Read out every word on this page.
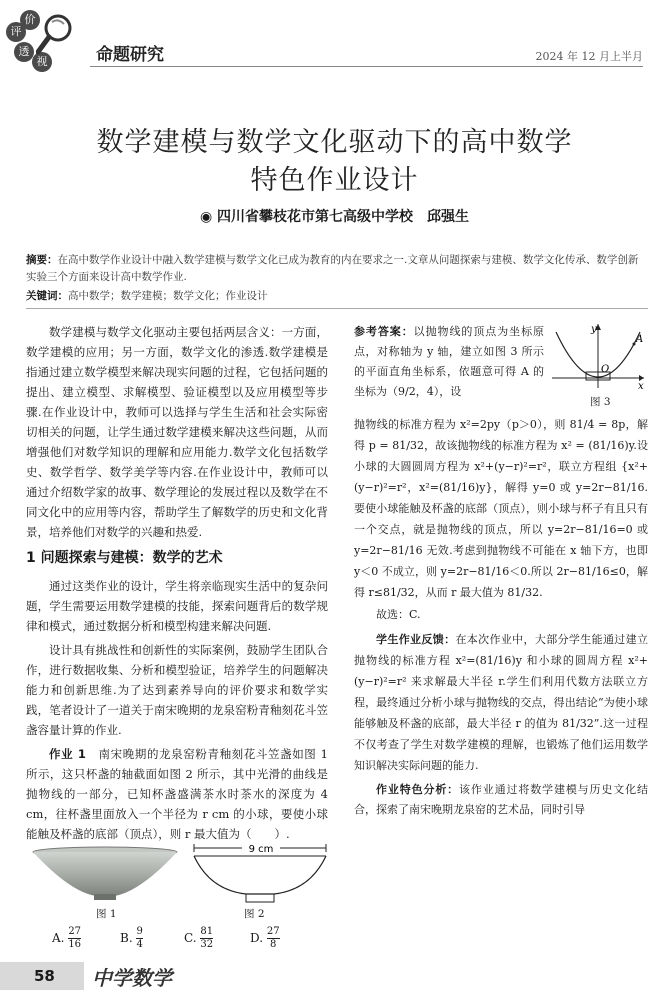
评
价
透
视	命题研究	2024 年 12 月上半月
数学建模与数学文化驱动下的高中数学
特色作业设计
◉ 四川省攀枝花市第七高级中学校　邱强生
摘要：在高中数学作业设计中融入数学建模与数学文化已成为教育的内在要求之一.文章从问题探索与建模、数学文化传承、数学创新实验三个方面来设计高中数学作业.
关键词：高中数学；数学建模；数学文化；作业设计

数学建模与数学文化驱动主要包括两层含义：一方面，数学建模的应用；另一方面，数学文化的渗透.数学建模是指通过建立数学模型来解决现实问题的过程，它包括问题的提出、建立模型、求解模型、验证模型以及应用模型等步骤.在作业设计中，教师可以选择与学生生活和社会实际密切相关的问题，让学生通过数学建模来解决这些问题，从而增强他们对数学知识的理解和应用能力.数学文化包括数学史、数学哲学、数学美学等内容.在作业设计中，教师可以通过介绍数学家的故事、数学理论的发展过程以及数学在不同文化中的应用等内容，帮助学生了解数学的历史和文化背景，培养他们对数学的兴趣和热爱.

1 问题探索与建模：数学的艺术

通过这类作业的设计，学生将亲临现实生活中的复杂问题，学生需要运用数学建模的技能，探索问题背后的数学规律和模式，通过数据分析和模型构建来解决问题.

设计具有挑战性和创新性的实际案例，鼓励学生团队合作，进行数据收集、分析和模型验证，培养学生的问题解决能力和创新思维.为了达到素养导向的评价要求和数学实践，笔者设计了一道关于南宋晚期的龙泉窑粉青釉刻花斗笠盏容量计算的作业.

作业 1　南宋晚期的龙泉窑粉青釉刻花斗笠盏如图 1 所示，这只杯盏的轴截面如图 2 所示，其中光滑的曲线是抛物线的一部分，已知杯盏盛满茶水时茶水的深度为 4 cm，往杯盏里面放入一个半径为 r cm 的小球，要使小球能触及杯盏的底部（顶点），则 r 最大值为（　　）.

图 1
9 cm
图 2
A. $\frac{27}{16}$	B. $\frac{9}{4}$	C. $\frac{81}{32}$	D. $\frac{27}{8}$
参考答案：以抛物线的顶点为坐标原点，对称轴为 y 轴，建立如图 3 所示的平面直角坐标系，依题意可得 A 的坐标为（9/2，4），设
y
x
A
O
图 3
抛物线的标准方程为 x²=2py（p＞0），则 81/4 = 8p，解得 p = 81/32，故该抛物线的标准方程为 x² = (81/16)y.设小球的大圆圆周方程为 x²+(y−r)²=r²，联立方程组 {x²+(y−r)²=r²，x²=(81/16)y}，解得 y=0 或 y=2r−81/16.要使小球能触及杯盏的底部（顶点），则小球与杯子有且只有一个交点，就是抛物线的顶点，所以 y=2r−81/16=0 或 y=2r−81/16 无效.考虑到抛物线不可能在 x 轴下方，也即 y＜0 不成立，则 y=2r−81/16＜0.所以 2r−81/16≤0，解得 r≤81/32，从而 r 最大值为 81/32.
故选：C.
学生作业反馈：在本次作业中，大部分学生能通过建立抛物线的标准方程 x²=(81/16)y 和小球的圆周方程 x²+(y−r)²=r² 来求解最大半径 r.学生们利用代数方法联立方程，最终通过分析小球与抛物线的交点，得出结论“为使小球能够触及杯盏的底部，最大半径 r 的值为 81/32”.这一过程不仅考查了学生对数学建模的理解，也锻炼了他们运用数学知识解决实际问题的能力.
作业特色分析：该作业通过将数学建模与历史文化结合，探索了南宋晚期龙泉窑的艺术品，同时引导
58	中学数学
